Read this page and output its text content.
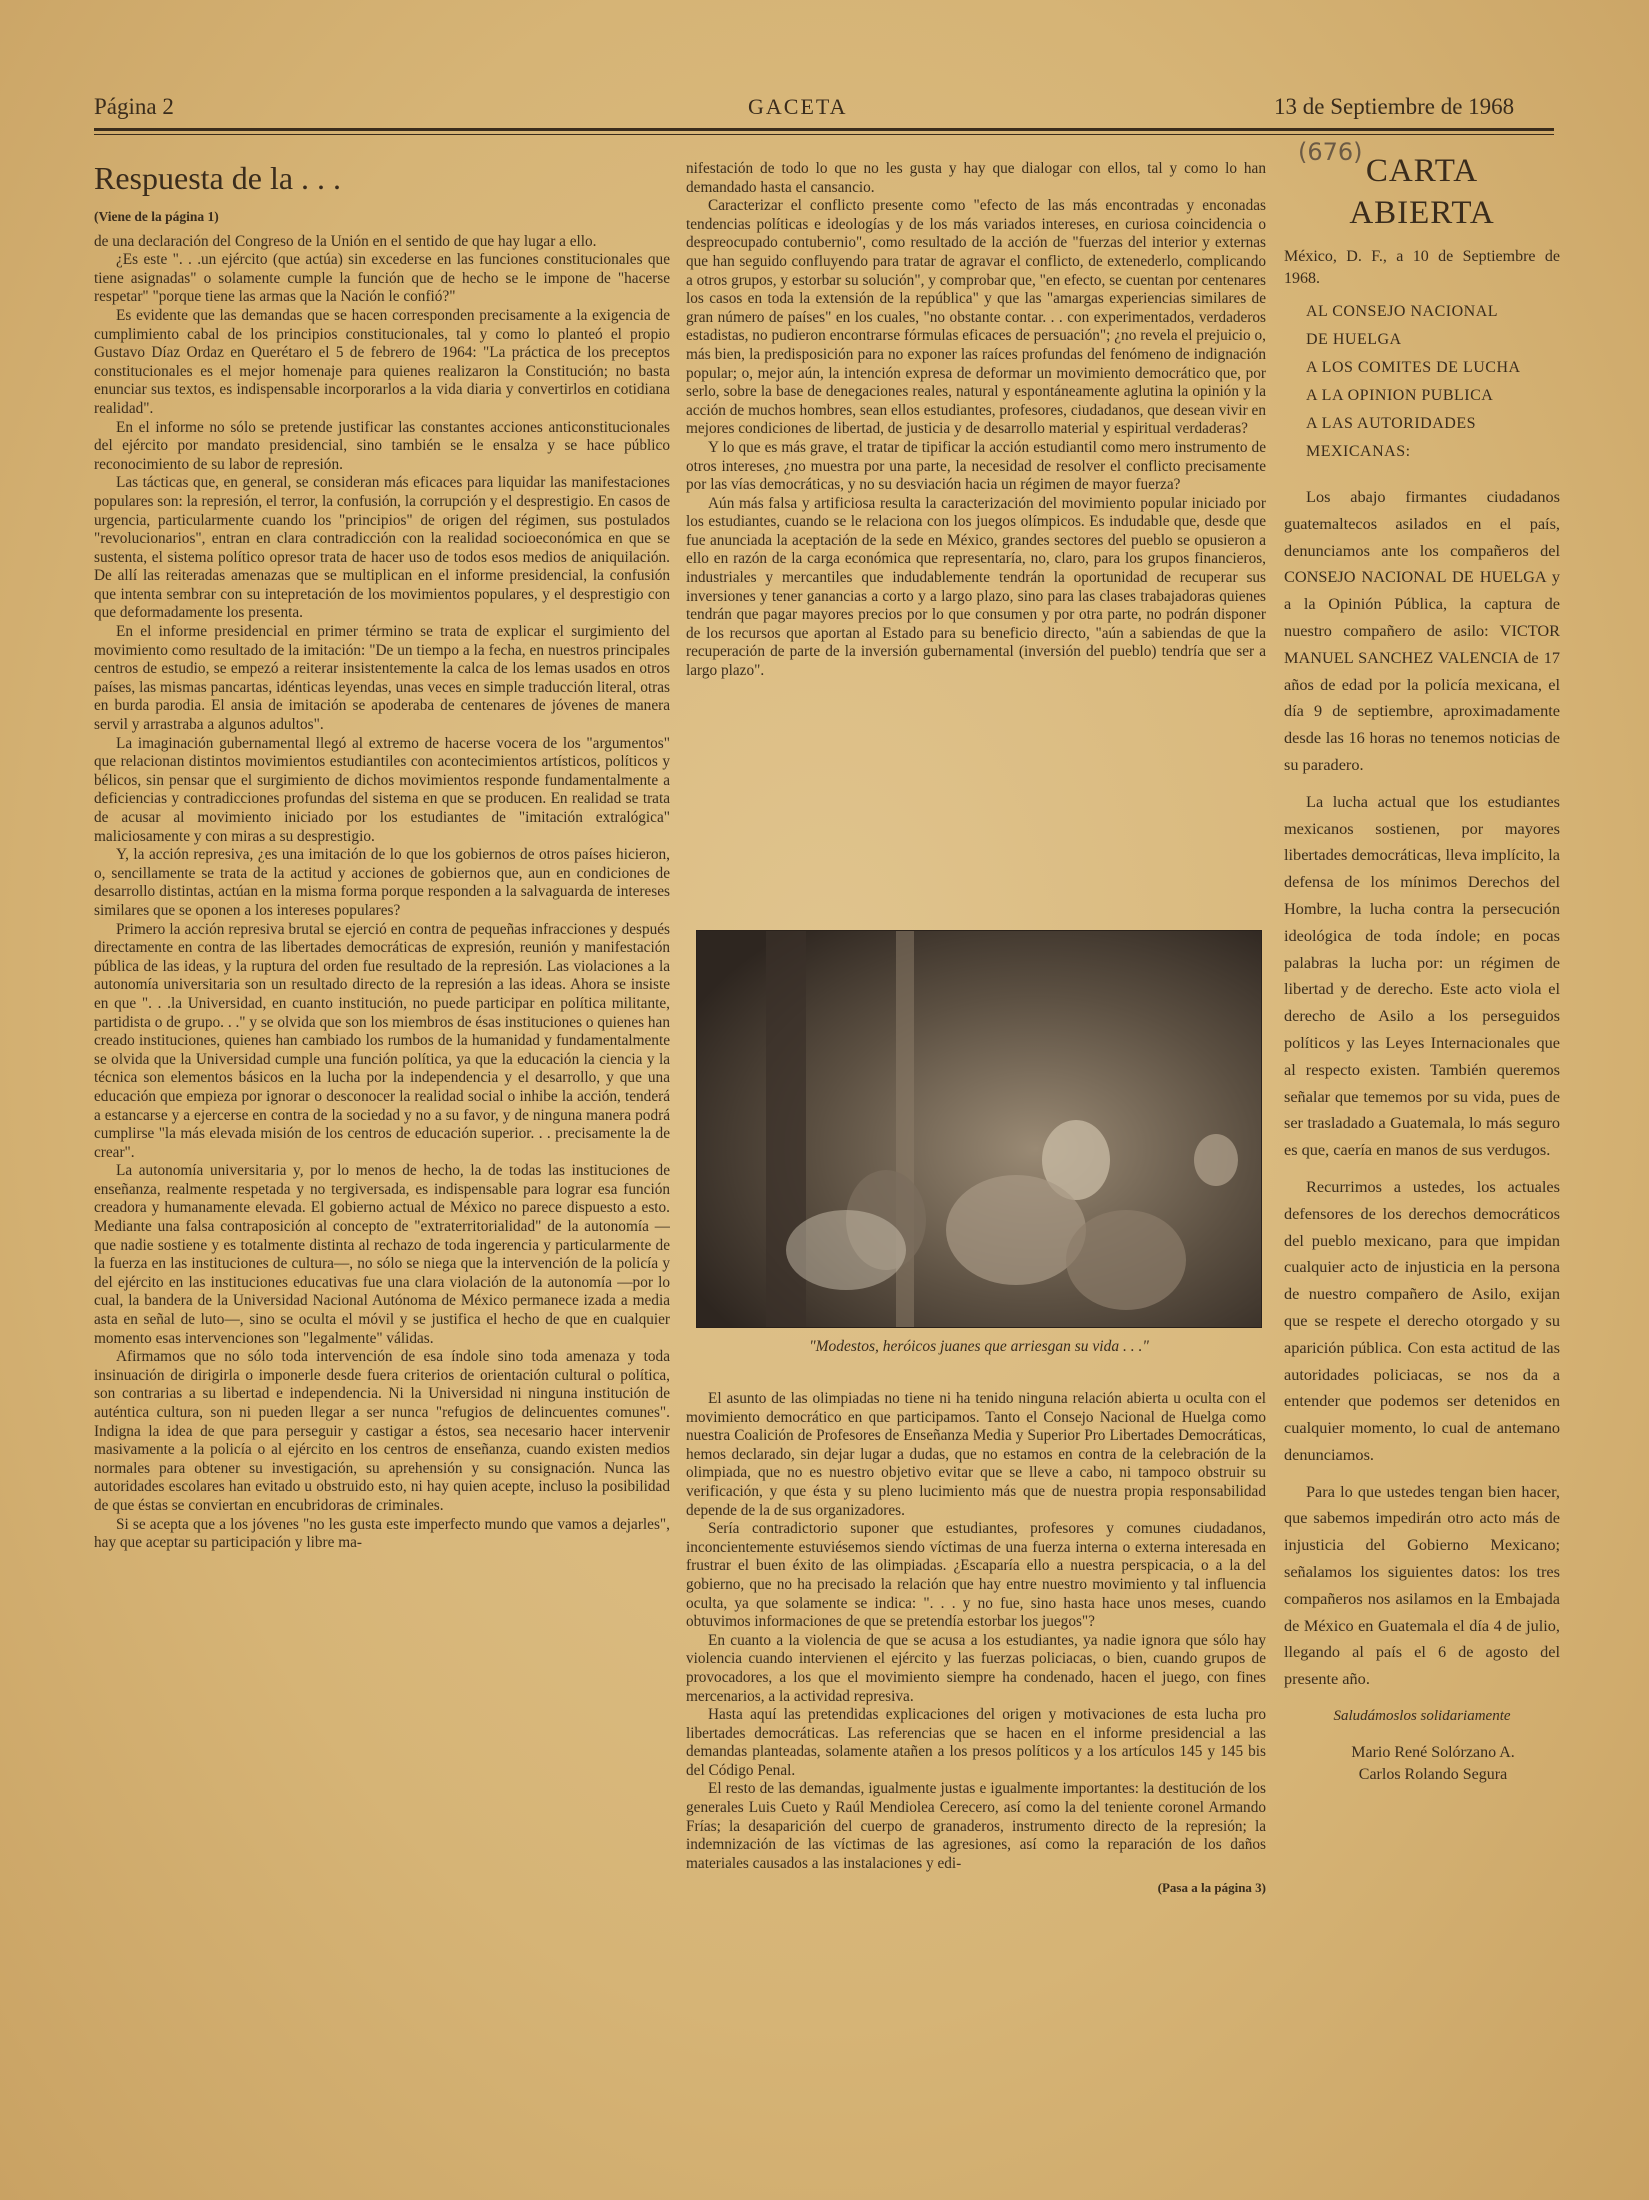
Página 2	GACETA	13 de Septiembre de 1968
Respuesta de la . . .
(Viene de la página 1)

de una declaración del Congreso de la Unión en el sentido de que hay lugar a ello.

¿Es este ". . .un ejército (que actúa) sin excederse en las funciones constitucionales que tiene asignadas" o solamente cumple la función que de hecho se le impone de "hacerse respetar" "porque tiene las armas que la Nación le confió?"

Es evidente que las demandas que se hacen corresponden precisamente a la exigencia de cumplimiento cabal de los principios constitucionales, tal y como lo planteó el propio Gustavo Díaz Ordaz en Querétaro el 5 de febrero de 1964: "La práctica de los preceptos constitucionales es el mejor homenaje para quienes realizaron la Constitución; no basta enunciar sus textos, es indispensable incorporarlos a la vida diaria y convertirlos en cotidiana realidad".

En el informe no sólo se pretende justificar las constantes acciones anticonstitucionales del ejército por mandato presidencial, sino también se le ensalza y se hace público reconocimiento de su labor de represión.

Las tácticas que, en general, se consideran más eficaces para liquidar las manifestaciones populares son: la represión, el terror, la confusión, la corrupción y el desprestigio. En casos de urgencia, particularmente cuando los "principios" de origen del régimen, sus postulados "revolucionarios", entran en clara contradicción con la realidad socioeconómica en que se sustenta, el sistema político opresor trata de hacer uso de todos esos medios de aniquilación. De allí las reiteradas amenazas que se multiplican en el informe presidencial, la confusión que intenta sembrar con su intepretación de los movimientos populares, y el desprestigio con que deformadamente los presenta.

En el informe presidencial en primer término se trata de explicar el surgimiento del movimiento como resultado de la imitación: "De un tiempo a la fecha, en nuestros principales centros de estudio, se empezó a reiterar insistentemente la calca de los lemas usados en otros países, las mismas pancartas, idénticas leyendas, unas veces en simple traducción literal, otras en burda parodia. El ansia de imitación se apoderaba de centenares de jóvenes de manera servil y arrastraba a algunos adultos".

La imaginación gubernamental llegó al extremo de hacerse vocera de los "argumentos" que relacionan distintos movimientos estudiantiles con acontecimientos artísticos, políticos y bélicos, sin pensar que el surgimiento de dichos movimientos responde fundamentalmente a deficiencias y contradicciones profundas del sistema en que se producen. En realidad se trata de acusar al movimiento iniciado por los estudiantes de "imitación extralógica" maliciosamente y con miras a su desprestigio.

Y, la acción represiva, ¿es una imitación de lo que los gobiernos de otros países hicieron, o, sencillamente se trata de la actitud y acciones de gobiernos que, aun en condiciones de desarrollo distintas, actúan en la misma forma porque responden a la salvaguarda de intereses similares que se oponen a los intereses populares?

Primero la acción represiva brutal se ejerció en contra de pequeñas infracciones y después directamente en contra de las libertades democráticas de expresión, reunión y manifestación pública de las ideas, y la ruptura del orden fue resultado de la represión. Las violaciones a la autonomía universitaria son un resultado directo de la represión a las ideas. Ahora se insiste en que ". . .la Universidad, en cuanto institución, no puede participar en política militante, partidista o de grupo. . ." y se olvida que son los miembros de ésas instituciones o quienes han creado instituciones, quienes han cambiado los rumbos de la humanidad y fundamentalmente se olvida que la Universidad cumple una función política, ya que la educación la ciencia y la técnica son elementos básicos en la lucha por la independencia y el desarrollo, y que una educación que empieza por ignorar o desconocer la realidad social o inhibe la acción, tenderá a estancarse y a ejercerse en contra de la sociedad y no a su favor, y de ninguna manera podrá cumplirse "la más elevada misión de los centros de educación superior. . . precisamente la de crear".

La autonomía universitaria y, por lo menos de hecho, la de todas las instituciones de enseñanza, realmente respetada y no tergiversada, es indispensable para lograr esa función creadora y humanamente elevada. El gobierno actual de México no parece dispuesto a esto. Mediante una falsa contraposición al concepto de "extraterritorialidad" de la autonomía —que nadie sostiene y es totalmente distinta al rechazo de toda ingerencia y particularmente de la fuerza en las instituciones de cultura—, no sólo se niega que la intervención de la policía y del ejército en las instituciones educativas fue una clara violación de la autonomía —por lo cual, la bandera de la Universidad Nacional Autónoma de México permanece izada a media asta en señal de luto—, sino se oculta el móvil y se justifica el hecho de que en cualquier momento esas intervenciones son "legalmente" válidas.

Afirmamos que no sólo toda intervención de esa índole sino toda amenaza y toda insinuación de dirigirla o imponerle desde fuera criterios de orientación cultural o política, son contrarias a su libertad e independencia. Ni la Universidad ni ninguna institución de auténtica cultura, son ni pueden llegar a ser nunca "refugios de delincuentes comunes". Indigna la idea de que para perseguir y castigar a éstos, sea necesario hacer intervenir masivamente a la policía o al ejército en los centros de enseñanza, cuando existen medios normales para obtener su investigación, su aprehensión y su consignación. Nunca las autoridades escolares han evitado u obstruido esto, ni hay quien acepte, incluso la posibilidad de que éstas se conviertan en encubridoras de criminales.

Si se acepta que a los jóvenes "no les gusta este imperfecto mundo que vamos a dejarles", hay que aceptar su participación y libre ma-

nifestación de todo lo que no les gusta y hay que dialogar con ellos, tal y como lo han demandado hasta el cansancio.

Caracterizar el conflicto presente como "efecto de las más encontradas y enconadas tendencias políticas e ideologías y de los más variados intereses, en curiosa coincidencia o despreocupado contubernio", como resultado de la acción de "fuerzas del interior y externas que han seguido confluyendo para tratar de agravar el conflicto, de extenederlo, complicando a otros grupos, y estorbar su solución", y comprobar que, "en efecto, se cuentan por centenares los casos en toda la extensión de la república" y que las "amargas experiencias similares de gran número de países" en los cuales, "no obstante contar. . . con experimentados, verdaderos estadistas, no pudieron encontrarse fórmulas eficaces de persuación"; ¿no revela el prejuicio o, más bien, la predisposición para no exponer las raíces profundas del fenómeno de indignación popular; o, mejor aún, la intención expresa de deformar un movimiento democrático que, por serlo, sobre la base de denegaciones reales, natural y espontáneamente aglutina la opinión y la acción de muchos hombres, sean ellos estudiantes, profesores, ciudadanos, que desean vivir en mejores condiciones de libertad, de justicia y de desarrollo material y espiritual verdaderas?

Y lo que es más grave, el tratar de tipificar la acción estudiantil como mero instrumento de otros intereses, ¿no muestra por una parte, la necesidad de resolver el conflicto precisamente por las vías democráticas, y no su desviación hacia un régimen de mayor fuerza?

Aún más falsa y artificiosa resulta la caracterización del movimiento popular iniciado por los estudiantes, cuando se le relaciona con los juegos olímpicos. Es indudable que, desde que fue anunciada la aceptación de la sede en México, grandes sectores del pueblo se opusieron a ello en razón de la carga económica que representaría, no, claro, para los grupos financieros, industriales y mercantiles que indudablemente tendrán la oportunidad de recuperar sus inversiones y tener ganancias a corto y a largo plazo, sino para las clases trabajadoras quienes tendrán que pagar mayores precios por lo que consumen y por otra parte, no podrán disponer de los recursos que aportan al Estado para su beneficio directo, "aún a sabiendas de que la recuperación de parte de la inversión gubernamental (inversión del pueblo) tendría que ser a largo plazo".

"Modestos, heróicos juanes que arriesgan su vida . . ."

El asunto de las olimpiadas no tiene ni ha tenido ninguna relación abierta u oculta con el movimiento democrático en que participamos. Tanto el Consejo Nacional de Huelga como nuestra Coalición de Profesores de Enseñanza Media y Superior Pro Libertades Democráticas, hemos declarado, sin dejar lugar a dudas, que no estamos en contra de la celebración de la olimpiada, que no es nuestro objetivo evitar que se lleve a cabo, ni tampoco obstruir su verificación, y que ésta y su pleno lucimiento más que de nuestra propia responsabilidad depende de la de sus organizadores.

Sería contradictorio suponer que estudiantes, profesores y comunes ciudadanos, inconcientemente estuviésemos siendo víctimas de una fuerza interna o externa interesada en frustrar el buen éxito de las olimpiadas. ¿Escaparía ello a nuestra perspicacia, o a la del gobierno, que no ha precisado la relación que hay entre nuestro movimiento y tal influencia oculta, ya que solamente se indica: ". . . y no fue, sino hasta hace unos meses, cuando obtuvimos informaciones de que se pretendía estorbar los juegos"?

En cuanto a la violencia de que se acusa a los estudiantes, ya nadie ignora que sólo hay violencia cuando intervienen el ejército y las fuerzas policiacas, o bien, cuando grupos de provocadores, a los que el movimiento siempre ha condenado, hacen el juego, con fines mercenarios, a la actividad represiva.

Hasta aquí las pretendidas explicaciones del origen y motivaciones de esta lucha pro libertades democráticas. Las referencias que se hacen en el informe presidencial a las demandas planteadas, solamente atañen a los presos políticos y a los artículos 145 y 145 bis del Código Penal.

El resto de las demandas, igualmente justas e igualmente importantes: la destitución de los generales Luis Cueto y Raúl Mendiolea Cerecero, así como la del teniente coronel Armando Frías; la desaparición del cuerpo de granaderos, instrumento directo de la represión; la indemnización de las víctimas de las agresiones, así como la reparación de los daños materiales causados a las instalaciones y edi-

(Pasa a la página 3)
(676)
CARTA
ABIERTA

México, D. F., a 10 de Septiembre de 1968.

AL CONSEJO NACIONAL

DE HUELGA

A LOS COMITES DE LUCHA

A LA OPINION PUBLICA

A LAS AUTORIDADES

MEXICANAS:

Los abajo firmantes ciudadanos guatemaltecos asilados en el país, denunciamos ante los compañeros del CONSEJO NACIONAL DE HUELGA y a la Opinión Pública, la captura de nuestro compañero de asilo: VICTOR MANUEL SANCHEZ VALENCIA de 17 años de edad por la policía mexicana, el día 9 de septiembre, aproximadamente desde las 16 horas no tenemos noticias de su paradero.

La lucha actual que los estudiantes mexicanos sostienen, por mayores libertades democráticas, lleva implícito, la defensa de los mínimos Derechos del Hombre, la lucha contra la persecución ideológica de toda índole; en pocas palabras la lucha por: un régimen de libertad y de derecho. Este acto viola el derecho de Asilo a los perseguidos políticos y las Leyes Internacionales que al respecto existen. También queremos señalar que tememos por su vida, pues de ser trasladado a Guatemala, lo más seguro es que, caería en manos de sus verdugos.

Recurrimos a ustedes, los actuales defensores de los derechos democráticos del pueblo mexicano, para que impidan cualquier acto de injusticia en la persona de nuestro compañero de Asilo, exijan que se respete el derecho otorgado y su aparición pública. Con esta actitud de las autoridades policiacas, se nos da a entender que podemos ser detenidos en cualquier momento, lo cual de antemano denunciamos.

Para lo que ustedes tengan bien hacer, que sabemos impedirán otro acto más de injusticia del Gobierno Mexicano; señalamos los siguientes datos: los tres compañeros nos asilamos en la Embajada de México en Guatemala el día 4 de julio, llegando al país el 6 de agosto del presente año.

Saludámoslos solidariamente

Mario René Solórzano A.

Carlos Rolando Segura
